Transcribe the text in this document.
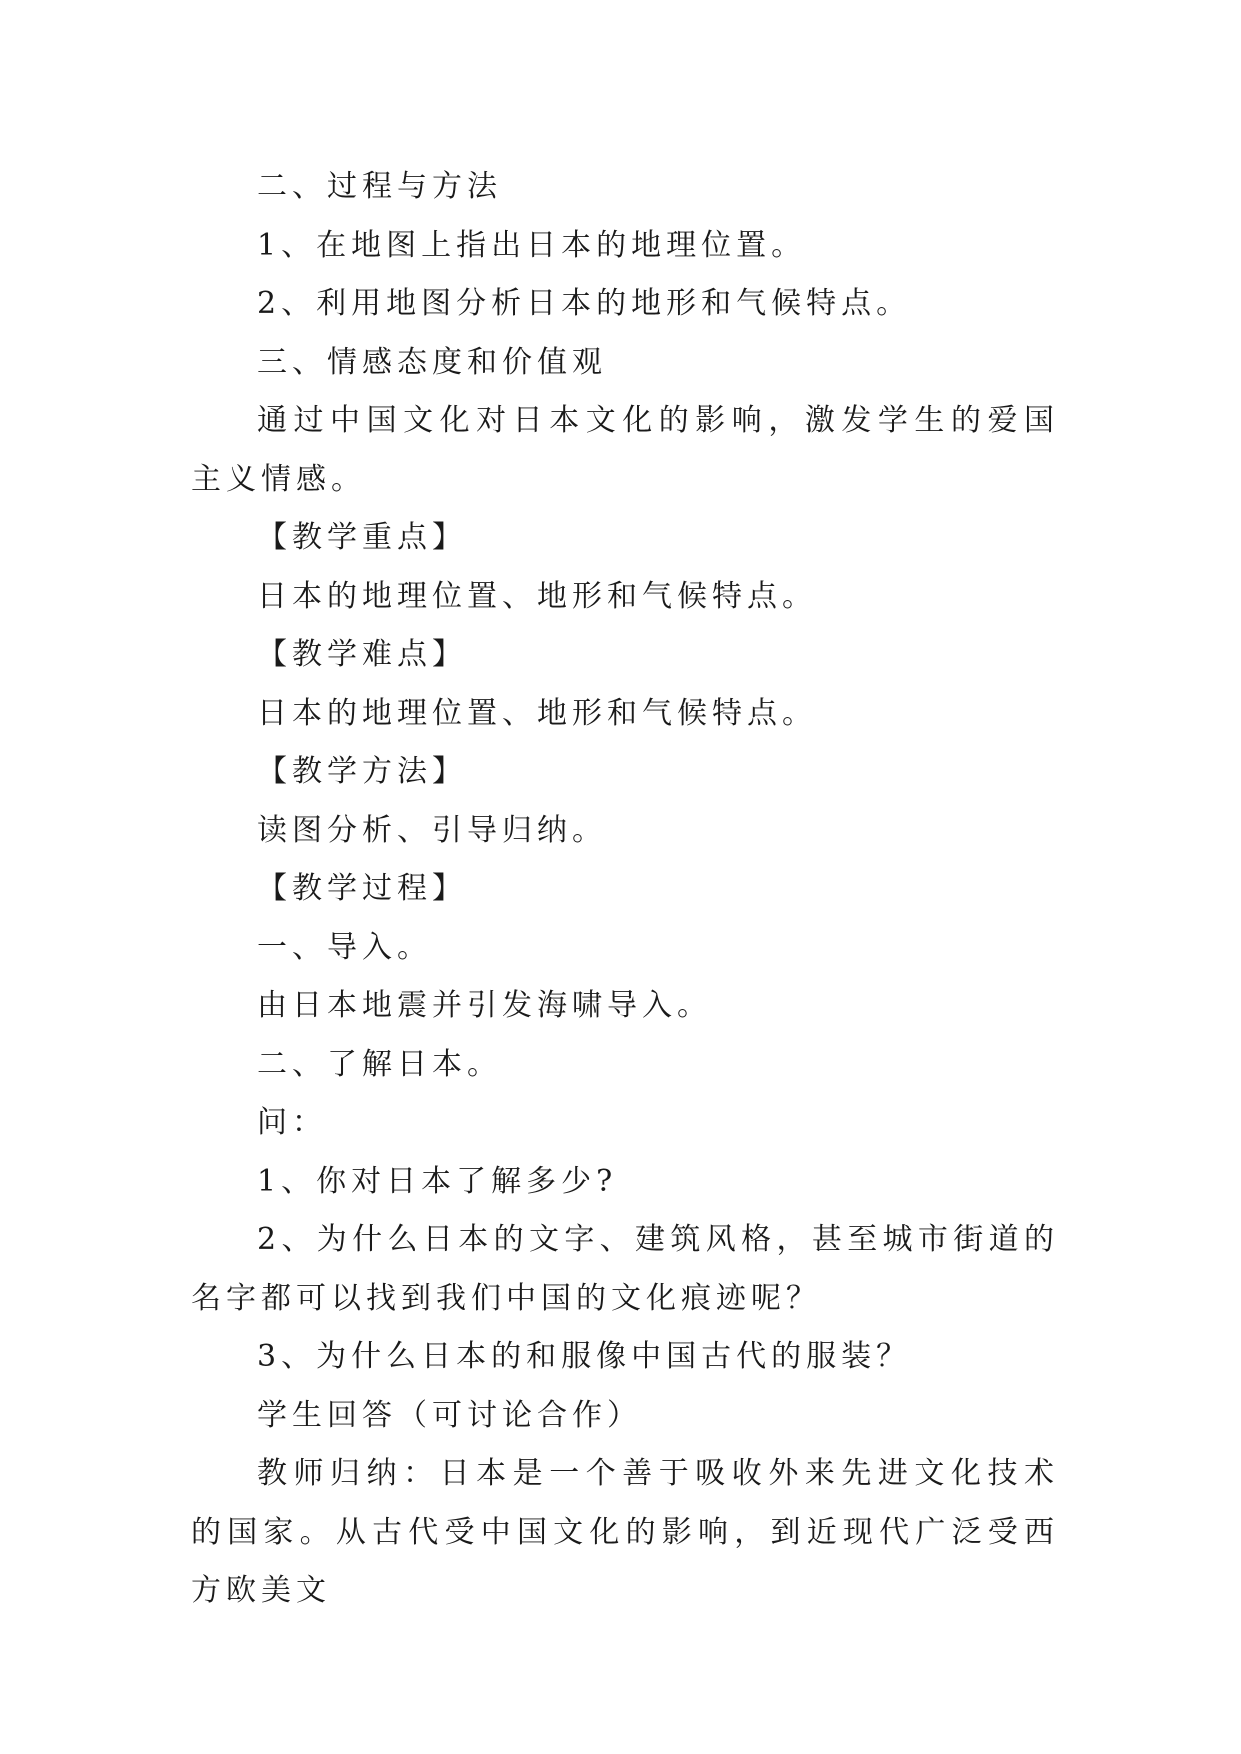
二、过程与方法

1、在地图上指出日本的地理位置。

2、利用地图分析日本的地形和气候特点。

三、情感态度和价值观

通过中国文化对日本文化的影响，激发学生的爱国主义情感。

【教学重点】

日本的地理位置、地形和气候特点。

【教学难点】

日本的地理位置、地形和气候特点。

【教学方法】

读图分析、引导归纳。

【教学过程】

一、导入。

由日本地震并引发海啸导入。

二、了解日本。

问：

1、你对日本了解多少?

2、为什么日本的文字、建筑风格，甚至城市街道的名字都可以找到我们中国的文化痕迹呢？

3、为什么日本的和服像中国古代的服装？

学生回答（可讨论合作）

教师归纳：日本是一个善于吸收外来先进文化技术的国家。从古代受中国文化的影响，到近现代广泛受西方欧美文
